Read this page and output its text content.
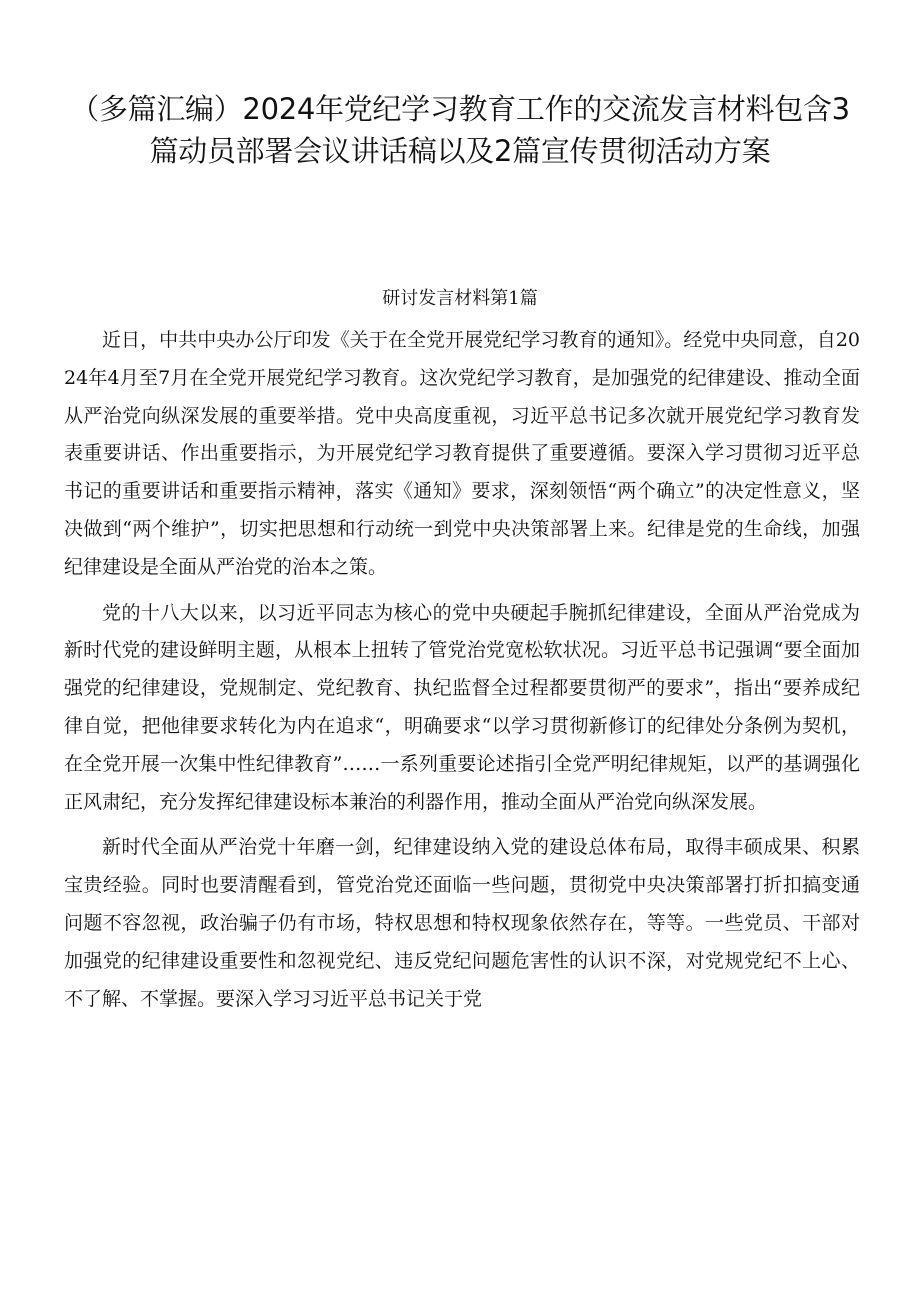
（多篇汇编）2024年党纪学习教育工作的交流发言材料包含3篇动员部署会议讲话稿以及2篇宣传贯彻活动方案
研讨发言材料第1篇

近日，中共中央办公厅印发《关于在全党开展党纪学习教育的通知》。经党中央同意，自2024年4月至7月在全党开展党纪学习教育。这次党纪学习教育，是加强党的纪律建设、推动全面从严治党向纵深发展的重要举措。党中央高度重视，习近平总书记多次就开展党纪学习教育发表重要讲话、作出重要指示，为开展党纪学习教育提供了重要遵循。要深入学习贯彻习近平总书记的重要讲话和重要指示精神，落实《通知》要求，深刻领悟“两个确立”的决定性意义，坚决做到“两个维护”，切实把思想和行动统一到党中央决策部署上来。纪律是党的生命线，加强纪律建设是全面从严治党的治本之策。

党的十八大以来，以习近平同志为核心的党中央硬起手腕抓纪律建设，全面从严治党成为新时代党的建设鲜明主题，从根本上扭转了管党治党宽松软状况。习近平总书记强调“要全面加强党的纪律建设，党规制定、党纪教育、执纪监督全过程都要贯彻严的要求”，指出“要养成纪律自觉，把他律要求转化为内在追求“，明确要求“以学习贯彻新修订的纪律处分条例为契机，在全党开展一次集中性纪律教育”……一系列重要论述指引全党严明纪律规矩，以严的基调强化正风肃纪，充分发挥纪律建设标本兼治的利器作用，推动全面从严治党向纵深发展。

新时代全面从严治党十年磨一剑，纪律建设纳入党的建设总体布局，取得丰硕成果、积累宝贵经验。同时也要清醒看到，管党治党还面临一些问题，贯彻党中央决策部署打折扣搞变通问题不容忽视，政治骗子仍有市场，特权思想和特权现象依然存在，等等。一些党员、干部对加强党的纪律建设重要性和忽视党纪、违反党纪问题危害性的认识不深，对党规党纪不上心、不了解、不掌握。要深入学习习近平总书记关于党
